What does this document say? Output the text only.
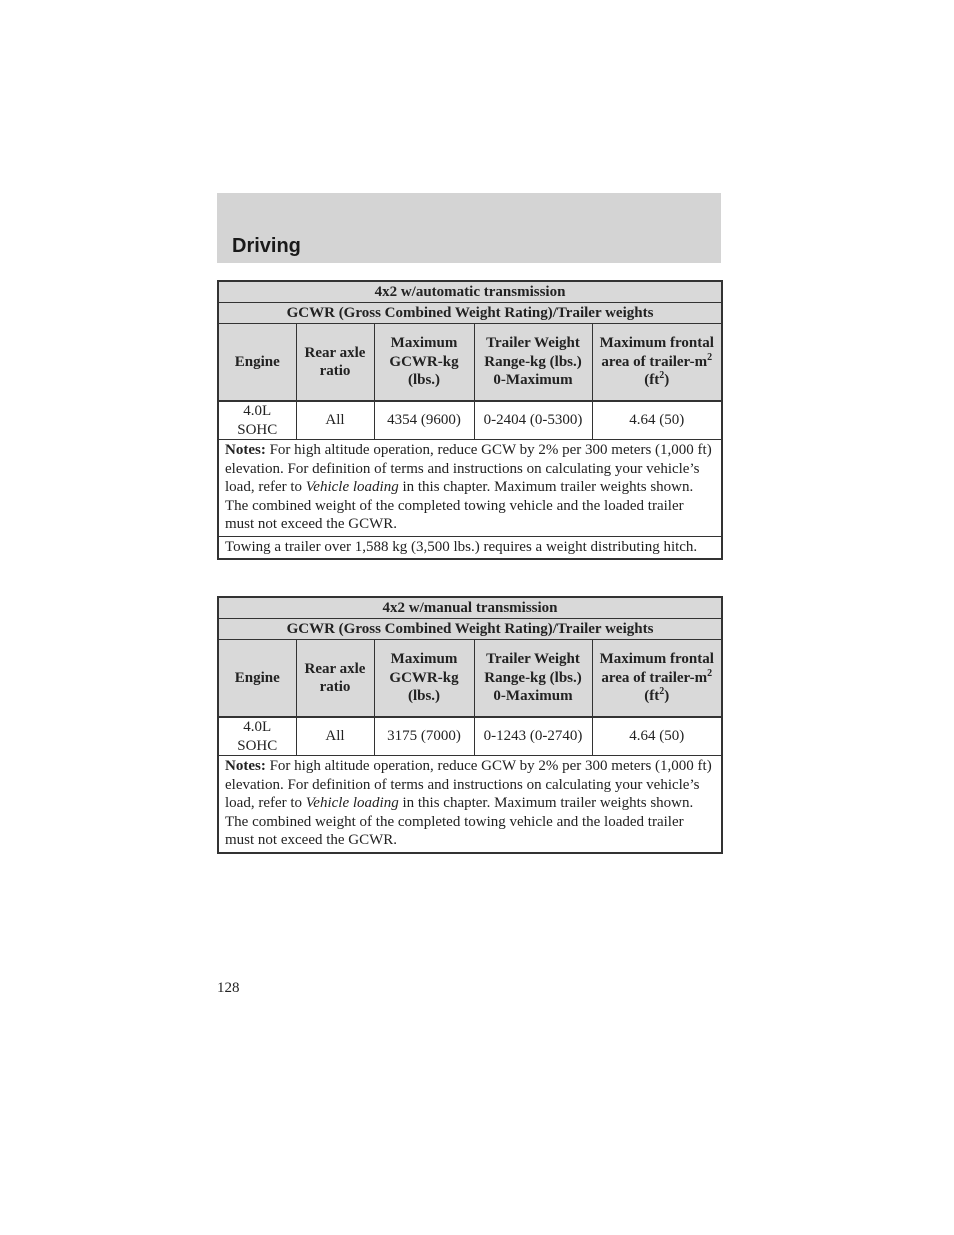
Driving
4x2 w/automatic transmission				
GCWR (Gross Combined Weight Rating)/Trailer weights				
Engine	Rear axle ratio	Maximum GCWR-kg (lbs.)	Trailer Weight Range-kg (lbs.) 0-Maximum	Maximum frontal area of trailer-$m^2$ $(ft^2)$
4.0L SOHC	All	4354 (9600)	0-2404 (0-5300)	4.64 (50)
Notes: For high altitude operation, reduce GCW by 2% per 300 meters (1,000 ft) elevation. For definition of terms and instructions on calculating your vehicle’s load, refer to Vehicle loading in this chapter. Maximum trailer weights shown. The combined weight of the completed towing vehicle and the loaded trailer must not exceed the GCWR.				
Towing a trailer over 1,588 kg (3,500 lbs.) requires a weight distributing hitch.				
4x2 w/manual transmission				
GCWR (Gross Combined Weight Rating)/Trailer weights				
Engine	Rear axle ratio	Maximum GCWR-kg (lbs.)	Trailer Weight Range-kg (lbs.) 0-Maximum	Maximum frontal area of trailer-$m^2$ $(ft^2)$
4.0L SOHC	All	3175 (7000)	0-1243 (0-2740)	4.64 (50)
Notes: For high altitude operation, reduce GCW by 2% per 300 meters (1,000 ft) elevation. For definition of terms and instructions on calculating your vehicle’s load, refer to Vehicle loading in this chapter. Maximum trailer weights shown. The combined weight of the completed towing vehicle and the loaded trailer must not exceed the GCWR.				
128
